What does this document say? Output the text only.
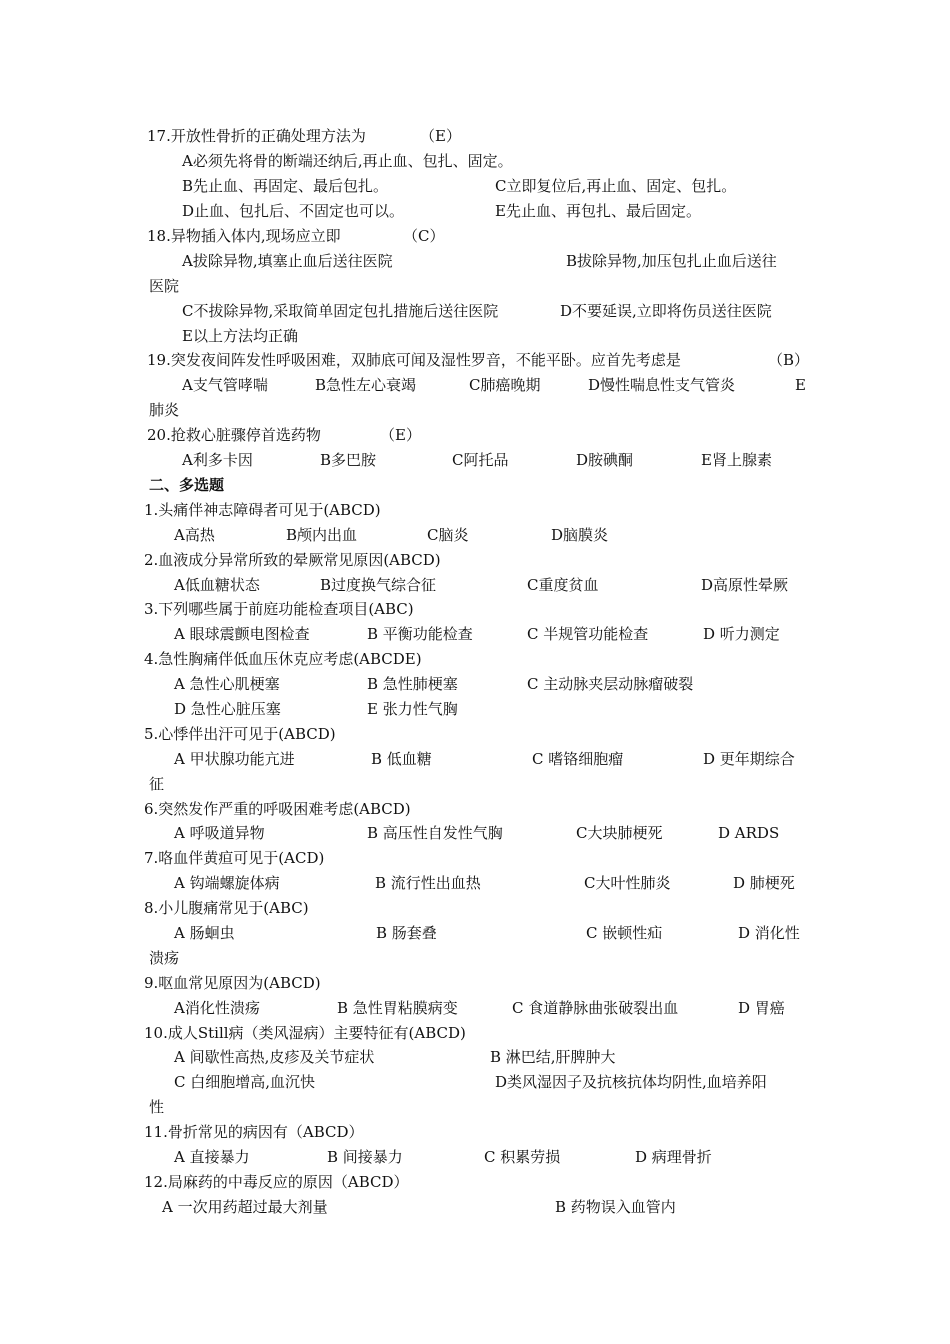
17.开放性骨折的正确处理方法为	（E）
A必须先将骨的断端还纳后,再止血、包扎、固定。
B先止血、再固定、最后包扎。	C立即复位后,再止血、固定、包扎。
D止血、包扎后、不固定也可以。	E先止血、再包扎、最后固定。
18.异物插入体内,现场应立即	（C）
A拔除异物,填塞止血后送往医院	B拔除异物,加压包扎止血后送往
医院
C不拔除异物,采取简单固定包扎措施后送往医院	D不要延误,立即将伤员送往医院
E以上方法均正确
19.突发夜间阵发性呼吸困难，双肺底可闻及湿性罗音，不能平卧。应首先考虑是	（B）
A支气管哮喘	B急性左心衰竭	C肺癌晚期	D慢性喘息性支气管炎	E
肺炎
20.抢救心脏骤停首选药物	（E）
A利多卡因	B多巴胺	C阿托品	D胺碘酮	E肾上腺素
二、多选题
1.头痛伴神志障碍者可见于(ABCD)
A高热	B颅内出血	C脑炎	D脑膜炎
2.血液成分异常所致的晕厥常见原因(ABCD)
A低血糖状态	B过度换气综合征	C重度贫血	D高原性晕厥
3.下列哪些属于前庭功能检查项目(ABC)
A 眼球震颤电图检查	B 平衡功能检查	C 半规管功能检查	D 听力测定
4.急性胸痛伴低血压休克应考虑(ABCDE)
A 急性心肌梗塞	B 急性肺梗塞	C 主动脉夹层动脉瘤破裂
D 急性心脏压塞	E 张力性气胸
5.心悸伴出汗可见于(ABCD)
A 甲状腺功能亢进	B 低血糖	C 嗜铬细胞瘤	D 更年期综合
征
6.突然发作严重的呼吸困难考虑(ABCD)
A 呼吸道异物	B 高压性自发性气胸	C大块肺梗死	D ARDS
7.咯血伴黄疸可见于(ACD)
A 钩端螺旋体病	B 流行性出血热	C大叶性肺炎	D 肺梗死
8.小儿腹痛常见于(ABC)
A 肠蛔虫	B 肠套叠	C 嵌顿性疝	D 消化性
溃疡
9.呕血常见原因为(ABCD)
A消化性溃疡	B 急性胃粘膜病变	C 食道静脉曲张破裂出血	D 胃癌
10.成人Still病（类风湿病）主要特征有(ABCD)
A 间歇性高热,皮疹及关节症状	B 淋巴结,肝脾肿大
C 白细胞增高,血沉快	D类风湿因子及抗核抗体均阴性,血培养阳
性
11.骨折常见的病因有（ABCD）
A 直接暴力	B 间接暴力	C 积累劳损	D 病理骨折
12.局麻药的中毒反应的原因（ABCD）
A 一次用药超过最大剂量	B 药物误入血管内
